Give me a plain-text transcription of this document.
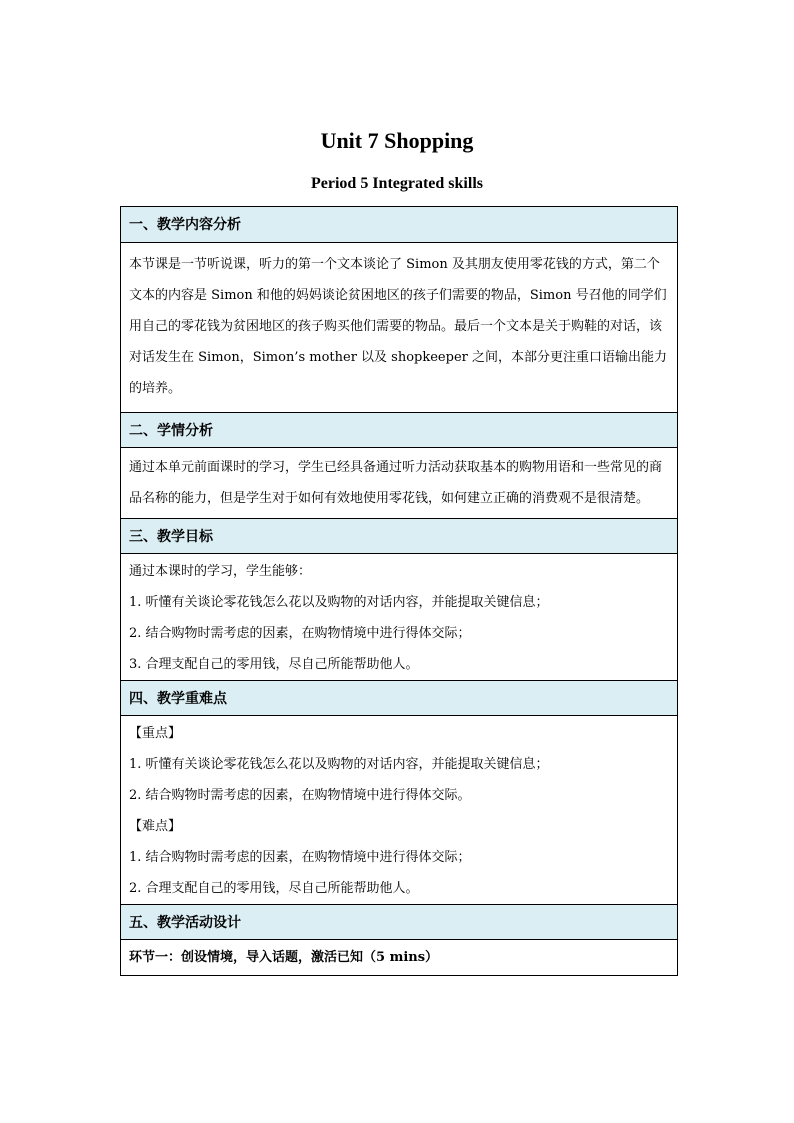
Unit 7 Shopping
Period 5 Integrated skills
一、教学内容分析

本节课是一节听说课，听力的第一个文本谈论了 Simon 及其朋友使用零花钱的方式，第二个文本的内容是 Simon 和他的妈妈谈论贫困地区的孩子们需要的物品，Simon 号召他的同学们用自己的零花钱为贫困地区的孩子购买他们需要的物品。最后一个文本是关于购鞋的对话，该对话发生在 Simon，Simon’s mother 以及 shopkeeper 之间，本部分更注重口语输出能力的培养。

二、学情分析

通过本单元前面课时的学习，学生已经具备通过听力活动获取基本的购物用语和一些常见的商品名称的能力，但是学生对于如何有效地使用零花钱，如何建立正确的消费观不是很清楚。

三、教学目标

通过本课时的学习，学生能够：

1. 听懂有关谈论零花钱怎么花以及购物的对话内容，并能提取关键信息；

2. 结合购物时需考虑的因素，在购物情境中进行得体交际；

3. 合理支配自己的零用钱，尽自己所能帮助他人。

四、教学重难点

【重点】

1. 听懂有关谈论零花钱怎么花以及购物的对话内容，并能提取关键信息；

2. 结合购物时需考虑的因素，在购物情境中进行得体交际。

【难点】

1. 结合购物时需考虑的因素，在购物情境中进行得体交际；

2. 合理支配自己的零用钱，尽自己所能帮助他人。

五、教学活动设计

环节一：创设情境，导入话题，激活已知（5 mins）
